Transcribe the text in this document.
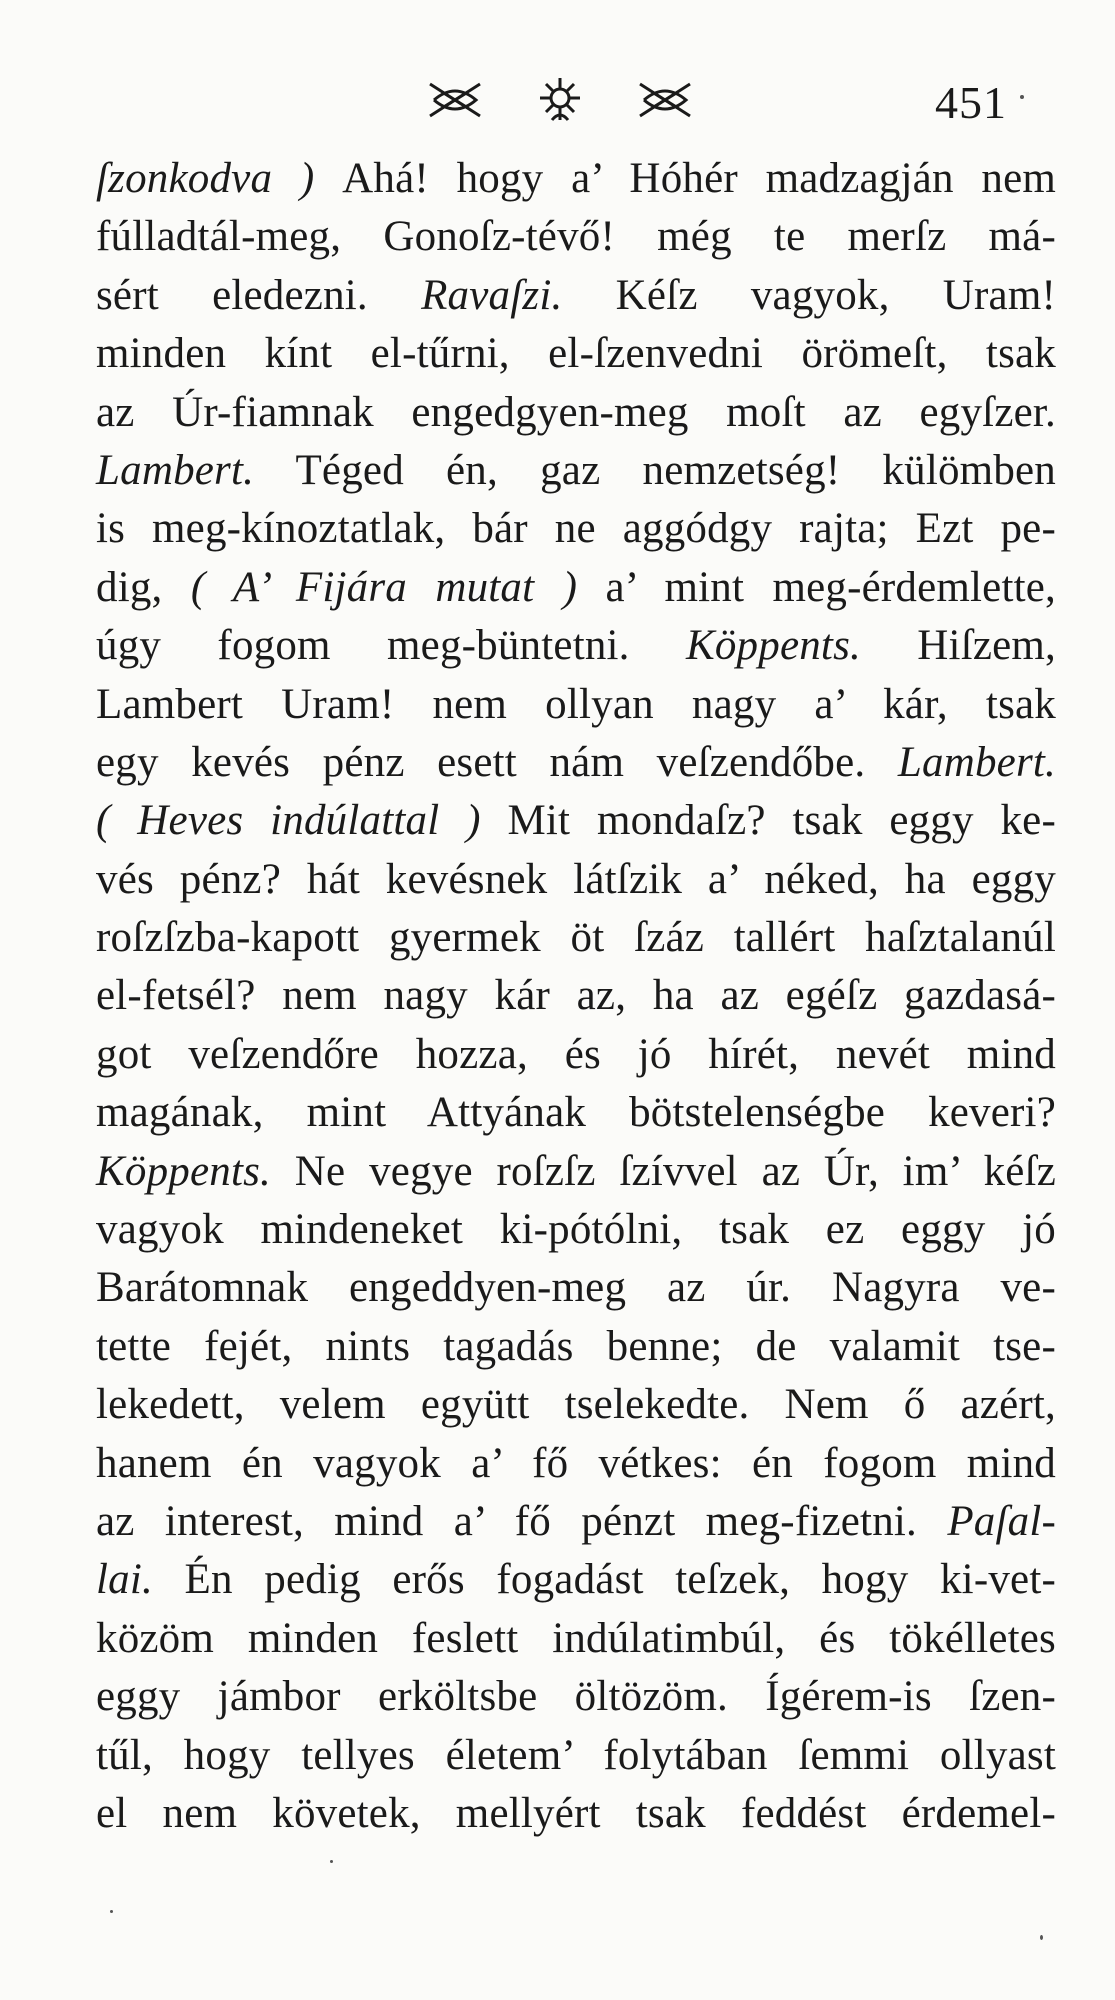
451
ſzonkodva ) Ahá! hogy a’ Hóhér madzagján nem
fúlladtál-meg, Gonoſz-tévő! még te merſz má-
sért eledezni. Ravaſzi. Kéſz vagyok, Uram!
minden kínt el-tűrni, el-ſzenvedni örömeſt, tsak
az Úr-fiamnak engedgyen-meg moſt az egyſzer.
Lambert. Téged én, gaz nemzetség! külömben
is meg-kínoztatlak, bár ne aggódgy rajta; Ezt pe-
dig, ( A’ Fijára mutat ) a’ mint meg-érdemlette,
úgy fogom meg-büntetni. Köppents. Hiſzem,
Lambert Uram! nem ollyan nagy a’ kár, tsak
egy kevés pénz esett nám veſzendőbe. Lambert.
( Heves indúlattal ) Mit mondaſz? tsak eggy ke-
vés pénz? hát kevésnek látſzik a’ néked, ha eggy
roſzſzba-kapott gyermek öt ſzáz tallért haſztalanúl
el-fetsél? nem nagy kár az, ha az egéſz gazdasá-
got veſzendőre hozza, és jó hírét, nevét mind
magának, mint Attyának bötstelenségbe keveri?
Köppents. Ne vegye roſzſz ſzívvel az Úr, im’ kéſz
vagyok mindeneket ki-pótólni, tsak ez eggy jó
Barátomnak engeddyen-meg az úr. Nagyra ve-
tette fejét, nints tagadás benne; de valamit tse-
lekedett, velem együtt tselekedte. Nem ő azért,
hanem én vagyok a’ fő vétkes: én fogom mind
az interest, mind a’ fő pénzt meg-fizetni. Paſal-
lai. Én pedig erős fogadást teſzek, hogy ki-vet-
közöm minden feslett indúlatimbúl, és tökélletes
eggy jámbor erköltsbe öltözöm. Ígérem-is ſzen-
tűl, hogy tellyes életem’ folytában ſemmi ollyast
el nem követek, mellyért tsak feddést érdemel-
